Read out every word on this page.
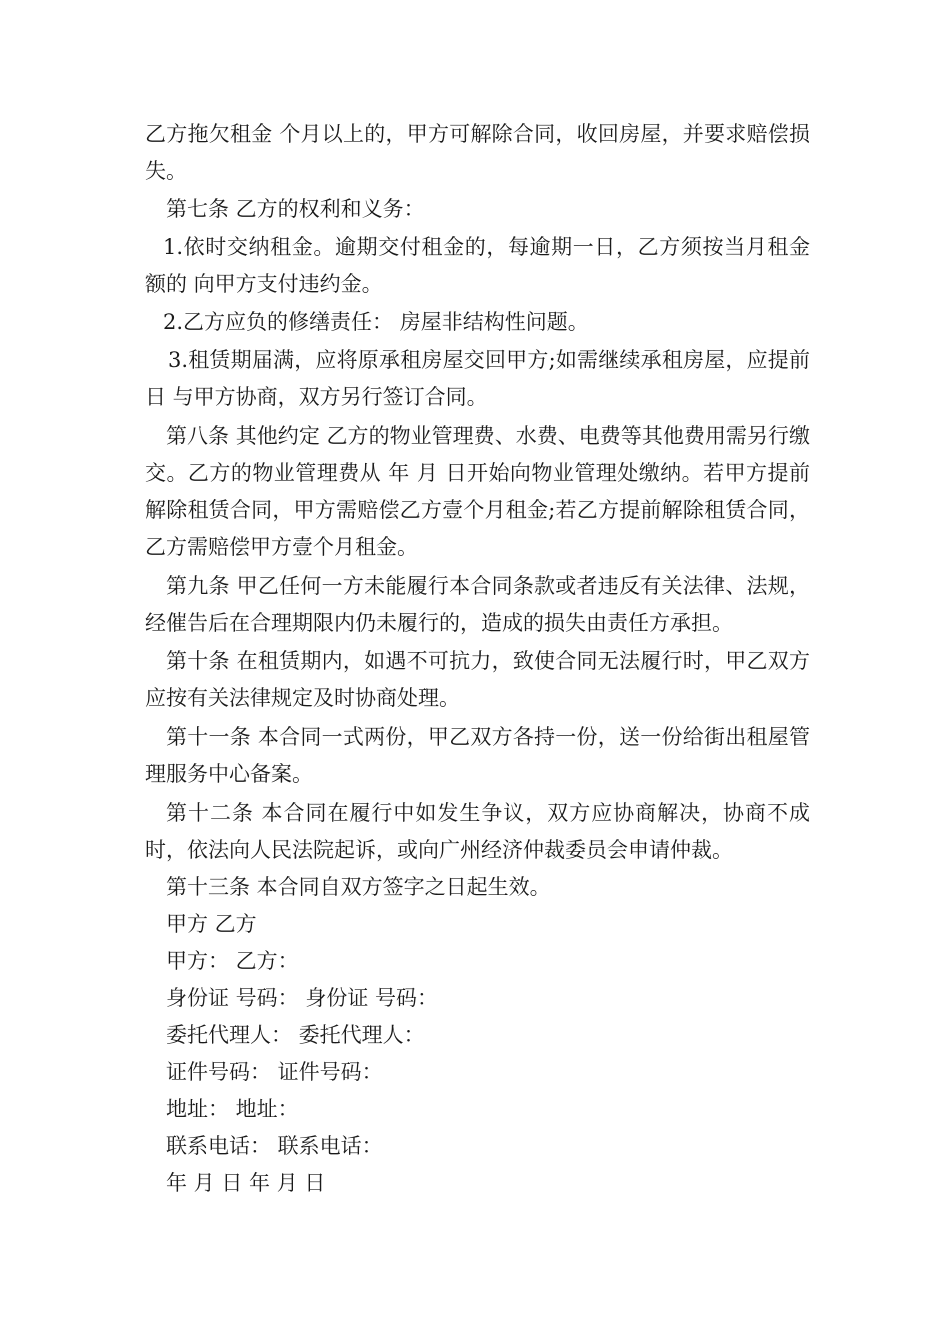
乙方拖欠租金 个月以上的，甲方可解除合同，收回房屋，并要求赔偿损失。

第七条 乙方的权利和义务：

1.依时交纳租金。逾期交付租金的，每逾期一日，乙方须按当月租金额的 向甲方支付违约金。

2.乙方应负的修缮责任： 房屋非结构性问题。

3.租赁期届满，应将原承租房屋交回甲方;如需继续承租房屋，应提前 日 与甲方协商，双方另行签订合同。

第八条 其他约定 乙方的物业管理费、水费、电费等其他费用需另行缴交。乙方的物业管理费从 年 月 日开始向物业管理处缴纳。若甲方提前解除租赁合同，甲方需赔偿乙方壹个月租金;若乙方提前解除租赁合同，乙方需赔偿甲方壹个月租金。

第九条 甲乙任何一方未能履行本合同条款或者违反有关法律、法规，经催告后在合理期限内仍未履行的，造成的损失由责任方承担。

第十条 在租赁期内，如遇不可抗力，致使合同无法履行时，甲乙双方应按有关法律规定及时协商处理。

第十一条 本合同一式两份，甲乙双方各持一份，送一份给街出租屋管理服务中心备案。

第十二条 本合同在履行中如发生争议，双方应协商解决，协商不成时，依法向人民法院起诉，或向广州经济仲裁委员会申请仲裁。

第十三条 本合同自双方签字之日起生效。

甲方 乙方

甲方： 乙方：

身份证 号码： 身份证 号码：

委托代理人： 委托代理人：

证件号码： 证件号码：

地址： 地址：

联系电话： 联系电话：

年 月 日 年 月 日
